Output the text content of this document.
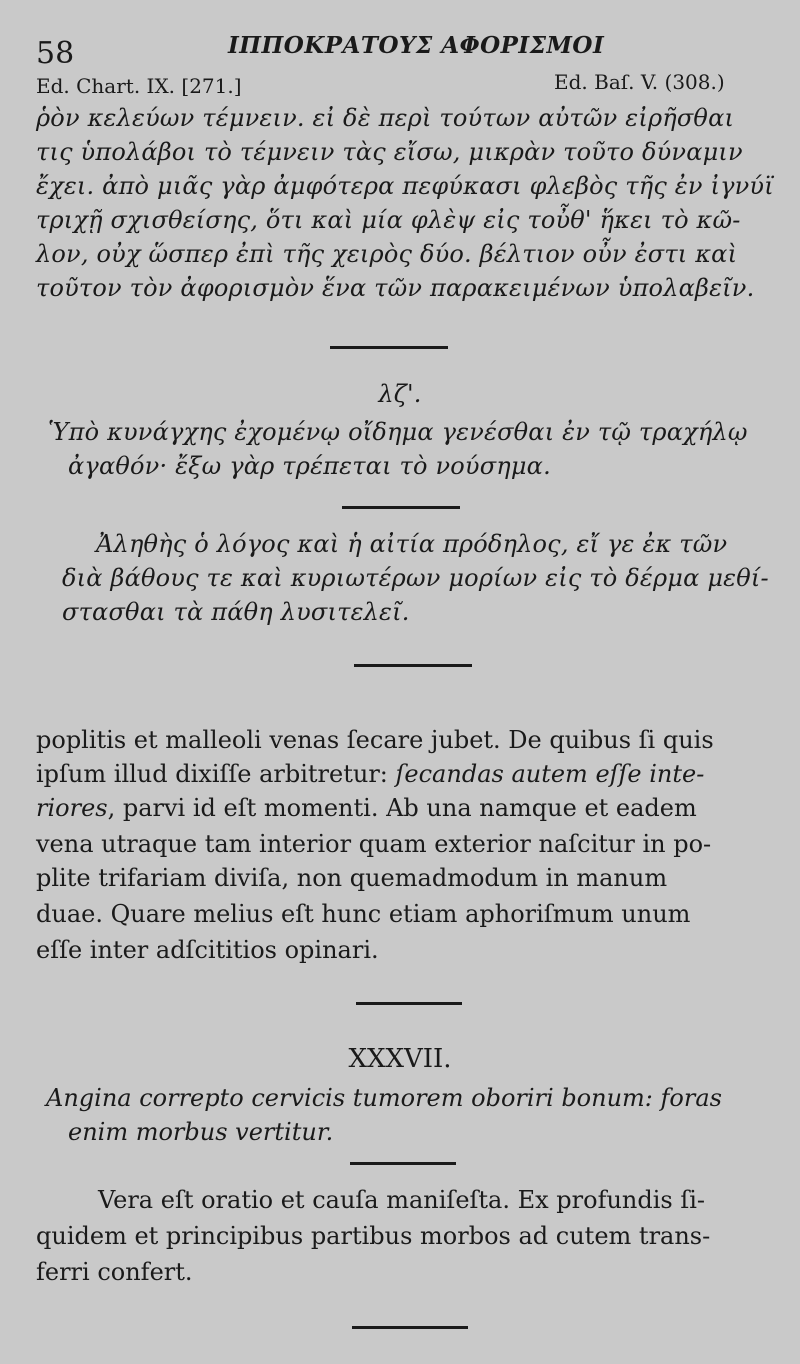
58	ΙΠΠΟΚΡΑΤΟΥΣ ΑΦΟΡΙΣΜΟΙ
Ed. Chart. IX. [271.]	Ed. Baſ. V. (308.)
ῥὸν κελεύων τέμνειν. εἰ δὲ περὶ τούτων αὐτῶν εἰρῆσθαι
τις ὑπολάβοι τὸ τέμνειν τὰς εἴσω, μικρὰν τοῦτο δύναμιν
ἔχει. ἀπὸ μιᾶς γὰρ ἀμφότερα πεφύκασι φλεβὸς τῆς ἐν ἰγνύϊ
τριχῇ σχισθείσης, ὅτι καὶ μία φλὲψ εἰς τοὖθ' ἥκει τὸ κῶ-
λον, οὐχ ὥσπερ ἐπὶ τῆς χειρὸς δύο. βέλτιον οὖν ἐστι καὶ
τοῦτον τὸν ἀφορισμὸν ἕνα τῶν παρακειμένων ὑπολαβεῖν.
λζ'.
Ὑπὸ κυνάγχης ἐχομένῳ οἴδημα γενέσθαι ἐν τῷ τραχήλῳ
ἀγαθόν· ἔξω γὰρ τρέπεται τὸ νούσημα.
Ἀληθὴς ὁ λόγος καὶ ἡ αἰτία πρόδηλος, εἴ γε ἐκ τῶν
διὰ βάθους τε καὶ κυριωτέρων μορίων εἰς τὸ δέρμα μεθί-
στασθαι τὰ πάθη λυσιτελεῖ.
poplitis et malleoli venas ſecare jubet. De quibus ſi quis
ipſum illud dixiſſe arbitretur: ſecandas autem eſſe inte-
riores, parvi id eſt momenti. Ab una namque et eadem
vena utraque tam interior quam exterior naſcitur in po-
plite trifariam diviſa, non quemadmodum in manum
duae. Quare melius eſt hunc etiam aphoriſmum unum
eſſe inter adſcititios opinari.
XXXVII.
Angina correpto cervicis tumorem oboriri bonum: foras
enim morbus vertitur.
Vera eſt oratio et cauſa maniſeſta. Ex profundis ſi-
quidem et principibus partibus morbos ad cutem trans-
ferri confert.
